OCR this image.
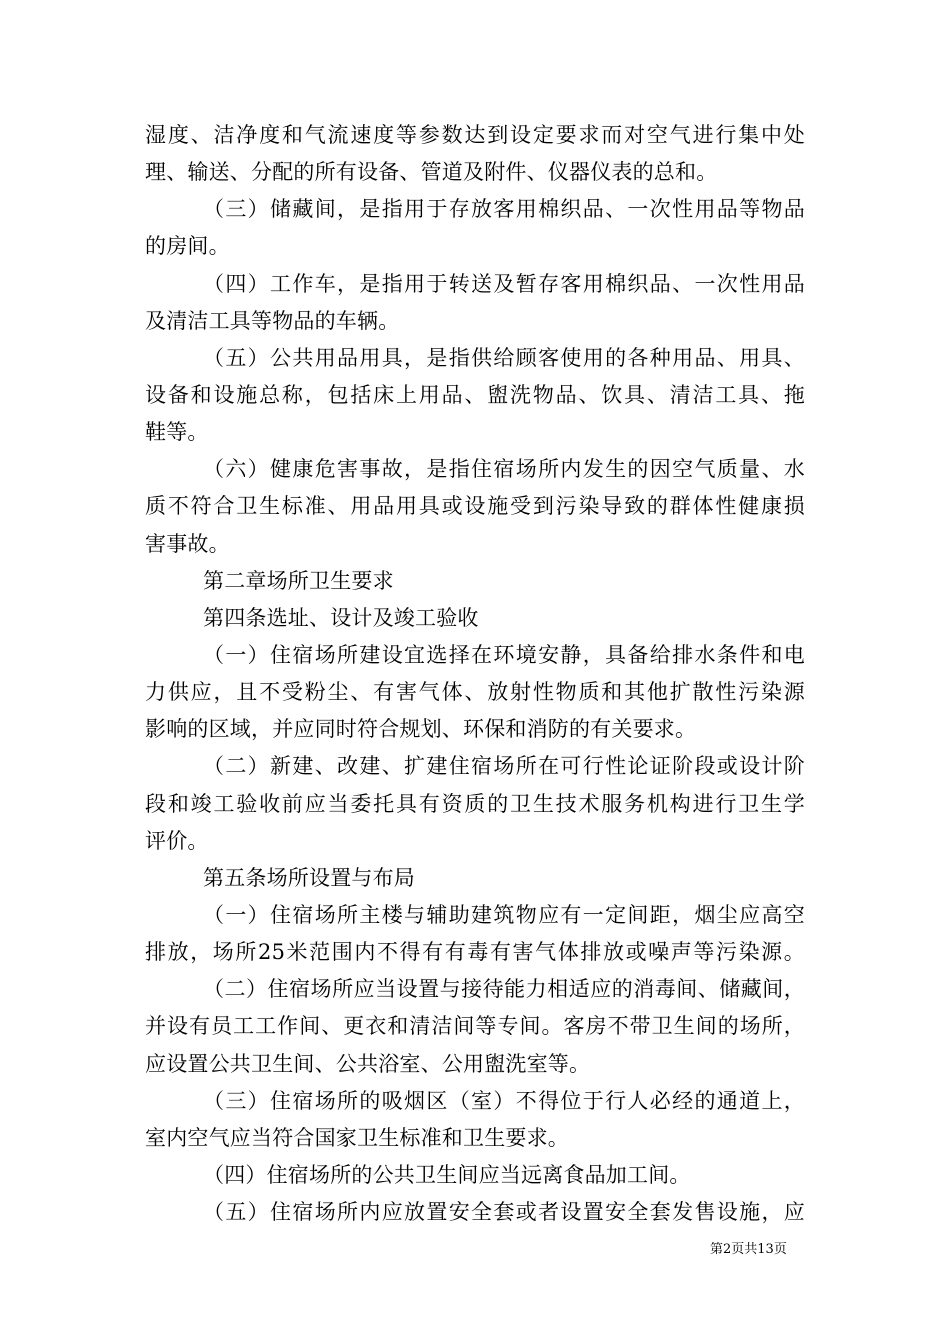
湿度、洁净度和气流速度等参数达到设定要求而对空气进行集中处
理、输送、分配的所有设备、管道及附件、仪器仪表的总和。
（三）储藏间，是指用于存放客用棉织品、一次性用品等物品
的房间。
（四）工作车，是指用于转送及暂存客用棉织品、一次性用品
及清洁工具等物品的车辆。
（五）公共用品用具，是指供给顾客使用的各种用品、用具、
设备和设施总称，包括床上用品、盥洗物品、饮具、清洁工具、拖
鞋等。
（六）健康危害事故，是指住宿场所内发生的因空气质量、水
质不符合卫生标准、用品用具或设施受到污染导致的群体性健康损
害事故。
第二章场所卫生要求
第四条选址、设计及竣工验收
（一）住宿场所建设宜选择在环境安静，具备给排水条件和电
力供应，且不受粉尘、有害气体、放射性物质和其他扩散性污染源
影响的区域，并应同时符合规划、环保和消防的有关要求。
（二）新建、改建、扩建住宿场所在可行性论证阶段或设计阶
段和竣工验收前应当委托具有资质的卫生技术服务机构进行卫生学
评价。
第五条场所设置与布局
（一）住宿场所主楼与辅助建筑物应有一定间距，烟尘应高空
排放，场所25米范围内不得有有毒有害气体排放或噪声等污染源。
（二）住宿场所应当设置与接待能力相适应的消毒间、储藏间，
并设有员工工作间、更衣和清洁间等专间。客房不带卫生间的场所，
应设置公共卫生间、公共浴室、公用盥洗室等。
（三）住宿场所的吸烟区（室）不得位于行人必经的通道上，
室内空气应当符合国家卫生标准和卫生要求。
（四）住宿场所的公共卫生间应当远离食品加工间。
（五）住宿场所内应放置安全套或者设置安全套发售设施，应
第2页共13页
